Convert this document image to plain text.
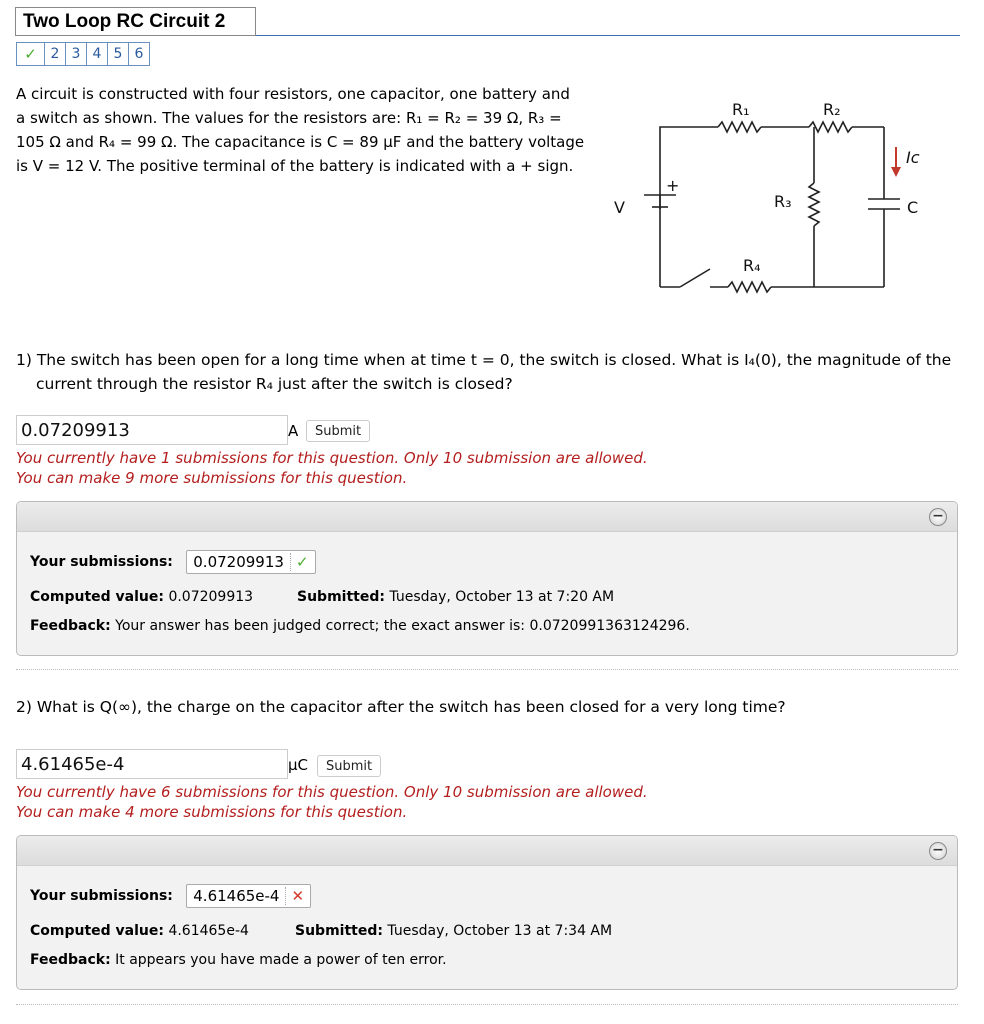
Two Loop RC Circuit 2
✓ 2 3 4 5 6
A circuit is constructed with four resistors, one capacitor, one battery and
a switch as shown. The values for the resistors are: R₁ = R₂ = 39 Ω, R₃ =
105 Ω and R₄ = 99 Ω. The capacitance is C = 89 μF and the battery voltage
is V = 12 V. The positive terminal of the battery is indicated with a + sign.
R₁	R₂
R₃
R₄
V
+
C
Iᴄ
1) The switch has been open for a long time when at time t = 0, the switch is closed. What is I₄(0), the magnitude of the
current through the resistor R₄ just after the switch is closed?
0.07209913
A	Submit
You currently have 1 submissions for this question. Only 10 submission are allowed.
You can make 9 more submissions for this question.
−
Your submissions: 0.07209913 ✓
Computed value: 0.07209913	Submitted: Tuesday, October 13 at 7:20 AM
Feedback: Your answer has been judged correct; the exact answer is: 0.0720991363124296.
2) What is Q(∞), the charge on the capacitor after the switch has been closed for a very long time?
4.61465e-4
μC	Submit
You currently have 6 submissions for this question. Only 10 submission are allowed.
You can make 4 more submissions for this question.
−
Your submissions: 4.61465e-4 ✕
Computed value: 4.61465e-4	Submitted: Tuesday, October 13 at 7:34 AM
Feedback: It appears you have made a power of ten error.
